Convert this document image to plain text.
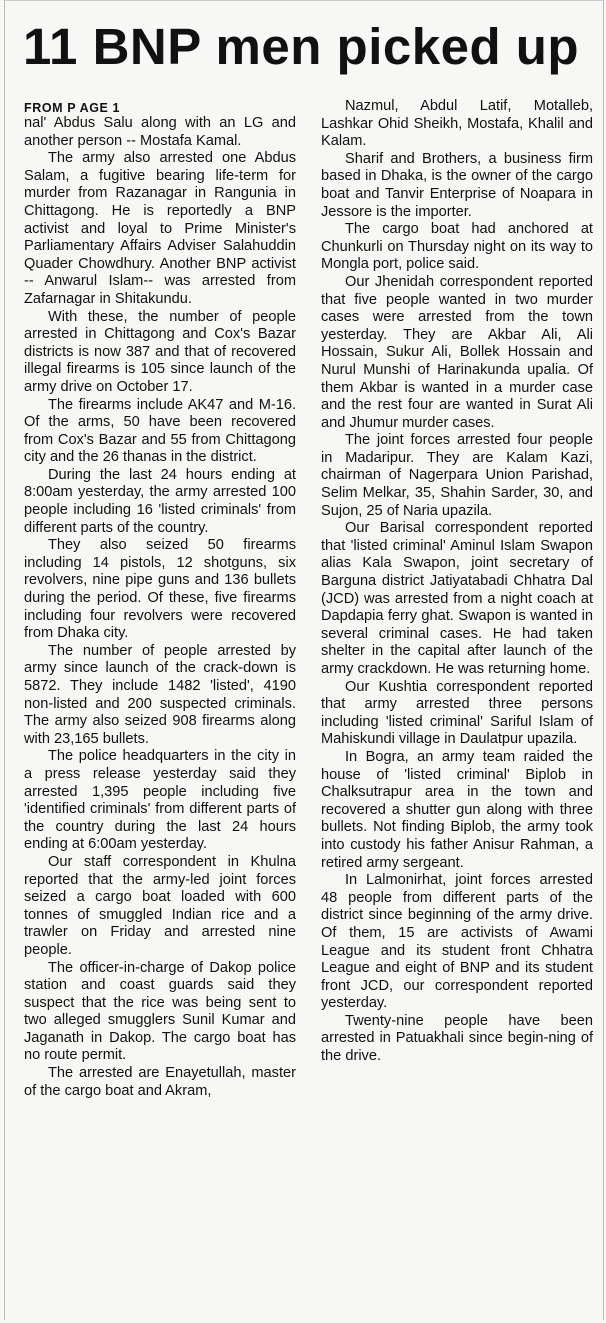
11 BNP men picked up
FROM P AGE 1

nal' Abdus Salu along with an LG and another person -- Mostafa Kamal.

The army also arrested one Abdus Salam, a fugitive bearing life-term for murder from Razanagar in Rangunia in Chittagong. He is reportedly a BNP activist and loyal to Prime Minister's Parliamentary Affairs Adviser Salahuddin Quader Chowdhury. Another BNP activist -- Anwarul Islam-- was arrested from Zafarnagar in Shitakundu.

With these, the number of people arrested in Chittagong and Cox's Bazar districts is now 387 and that of recovered illegal firearms is 105 since launch of the army drive on October 17.

The firearms include AK47 and M-16. Of the arms, 50 have been recovered from Cox's Bazar and 55 from Chittagong city and the 26 thanas in the district.

During the last 24 hours ending at 8:00am yesterday, the army arrested 100 people including 16 'listed criminals' from different parts of the country.

They also seized 50 firearms including 14 pistols, 12 shotguns, six revolvers, nine pipe guns and 136 bullets during the period. Of these, five firearms including four revolvers were recovered from Dhaka city.

The number of people arrested by army since launch of the crack-down is 5872. They include 1482 'listed', 4190 non-listed and 200 suspected criminals. The army also seized 908 firearms along with 23,165 bullets.

The police headquarters in the city in a press release yesterday said they arrested 1,395 people including five 'identified criminals' from different parts of the country during the last 24 hours ending at 6:00am yesterday.

Our staff correspondent in Khulna reported that the army-led joint forces seized a cargo boat loaded with 600 tonnes of smuggled Indian rice and a trawler on Friday and arrested nine people.

The officer-in-charge of Dakop police station and coast guards said they suspect that the rice was being sent to two alleged smugglers Sunil Kumar and Jaganath in Dakop. The cargo boat has no route permit.

The arrested are Enayetullah, master of the cargo boat and Akram,

Nazmul, Abdul Latif, Motalleb, Lashkar Ohid Sheikh, Mostafa, Khalil and Kalam.

Sharif and Brothers, a business firm based in Dhaka, is the owner of the cargo boat and Tanvir Enterprise of Noapara in Jessore is the importer.

The cargo boat had anchored at Chunkurli on Thursday night on its way to Mongla port, police said.

Our Jhenidah correspondent reported that five people wanted in two murder cases were arrested from the town yesterday. They are Akbar Ali, Ali Hossain, Sukur Ali, Bollek Hossain and Nurul Munshi of Harinakunda upalia. Of them Akbar is wanted in a murder case and the rest four are wanted in Surat Ali and Jhumur murder cases.

The joint forces arrested four people in Madaripur. They are Kalam Kazi, chairman of Nagerpara Union Parishad, Selim Melkar, 35, Shahin Sarder, 30, and Sujon, 25 of Naria upazila.

Our Barisal correspondent reported that 'listed criminal' Aminul Islam Swapon alias Kala Swapon, joint secretary of Barguna district Jatiyatabadi Chhatra Dal (JCD) was arrested from a night coach at Dapdapia ferry ghat. Swapon is wanted in several criminal cases. He had taken shelter in the capital after launch of the army crackdown. He was returning home.

Our Kushtia correspondent reported that army arrested three persons including 'listed criminal' Sariful Islam of Mahiskundi village in Daulatpur upazila.

In Bogra, an army team raided the house of 'listed criminal' Biplob in Chalksutrapur area in the town and recovered a shutter gun along with three bullets. Not finding Biplob, the army took into custody his father Anisur Rahman, a retired army sergeant.

In Lalmonirhat, joint forces arrested 48 people from different parts of the district since beginning of the army drive. Of them, 15 are activists of Awami League and its student front Chhatra League and eight of BNP and its student front JCD, our correspondent reported yesterday.

Twenty-nine people have been arrested in Patuakhali since begin-ning of the drive.
